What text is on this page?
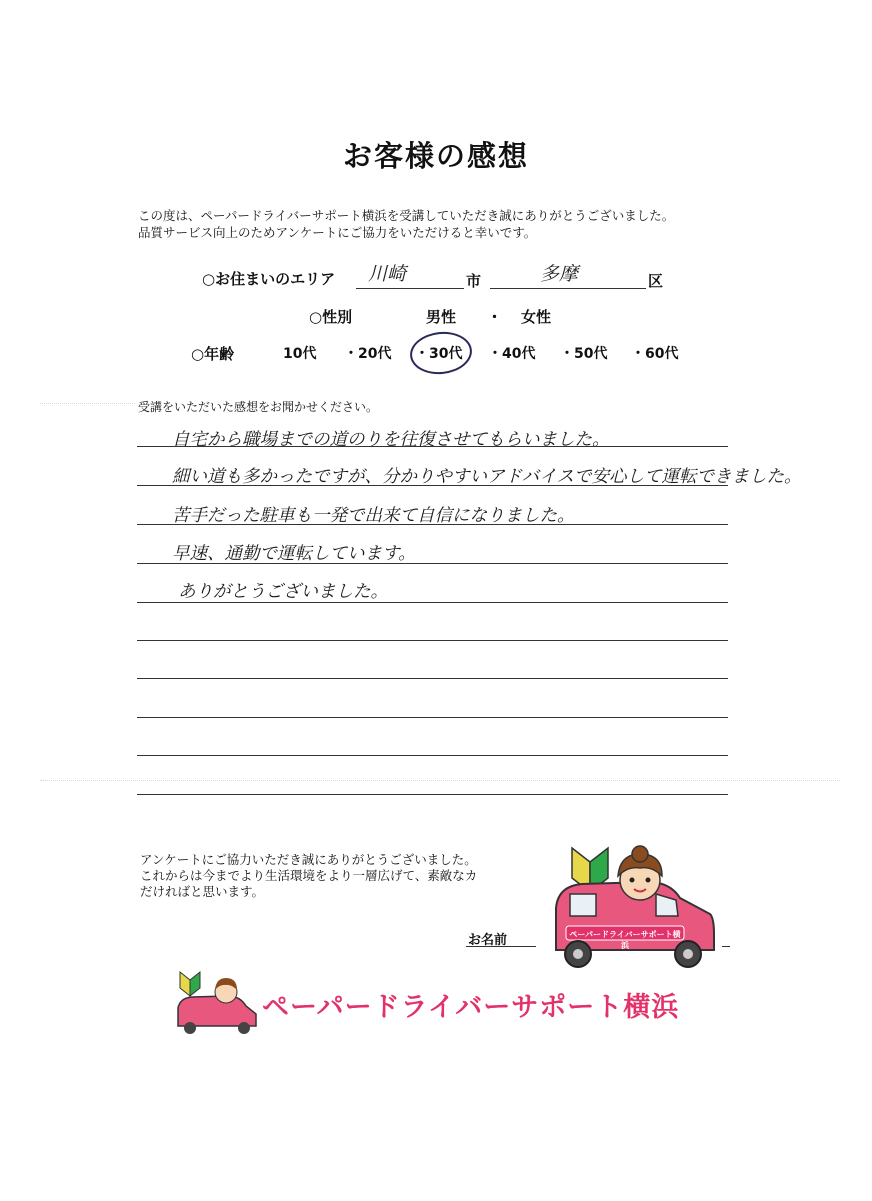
お客様の感想
この度は、ペーパードライバーサポート横浜を受講していただき誠にありがとうございました。
品質サービス向上のためアンケートにご協力をいただけると幸いです。
○お住まいのエリア 川崎	市	多摩	区
○性別	男性 ・ 女性
○年齢	10代 ・20代 ・30代 ・40代 ・50代 ・60代
受講をいただいた感想をお聞かせください。
自宅から職場までの道のりを往復させてもらいました。
細い道も多かったですが、分かりやすいアドバイスで安心して運転できました。
苦手だった駐車も一発で出来て自信になりました。
早速、通勤で運転しています。
ありがとうございました。
アンケートにご協力いただき誠にありがとうございました。
これからは今までより生活環境をより一層広げて、素敵なカ
だければと思います。
お名前	ペーパードライバーサポート横浜
ペーパードライバーサポート横浜
